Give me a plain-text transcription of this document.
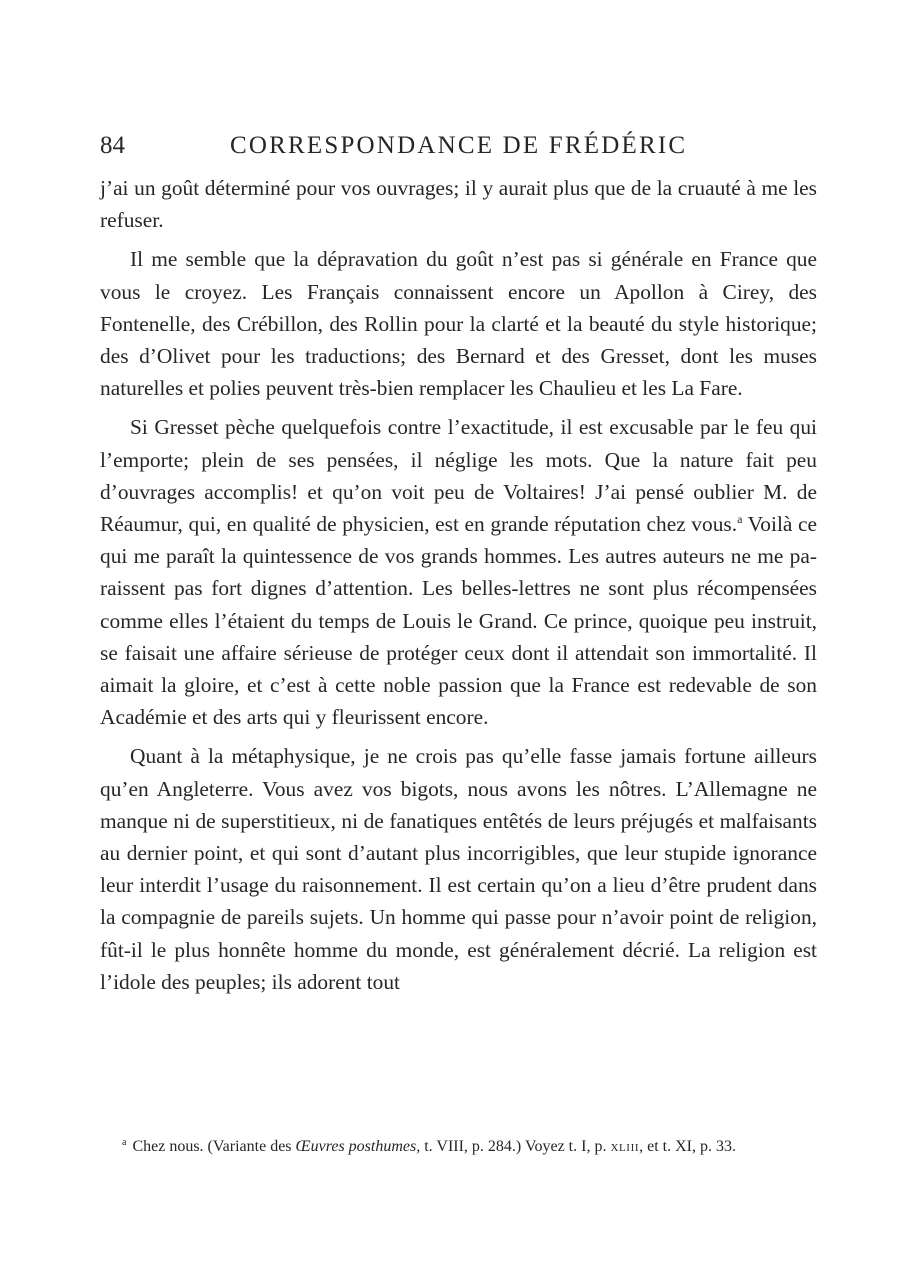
84	CORRESPONDANCE DE FRÉDÉRIC

j’ai un goût déterminé pour vos ouvrages; il y aurait plus que de la cruauté à me les refuser.

Il me semble que la dépravation du goût n’est pas si générale en France que vous le croyez. Les Français connaissent encore un Apollon à Cirey, des Fontenelle, des Crébillon, des Rollin pour la clarté et la beauté du style historique; des d’Olivet pour les traductions; des Bernard et des Gresset, dont les muses naturelles et polies peuvent très-bien remplacer les Chaulieu et les La Fare.

Si Gresset pèche quelquefois contre l’exactitude, il est excusable par le feu qui l’emporte; plein de ses pensées, il néglige les mots. Que la nature fait peu d’ouvrages accomplis! et qu’on voit peu de Voltaires! J’ai pensé oublier M. de Réaumur, qui, en qualité de physicien, est en grande réputation chez vous.$^a$ Voilà ce qui me paraît la quintessence de vos grands hommes. Les autres auteurs ne me paraissent pas fort dignes d’attention. Les belles-lettres ne sont plus récompensées comme elles l’étaient du temps de Louis le Grand. Ce prince, quoique peu instruit, se faisait une affaire sérieuse de protéger ceux dont il attendait son immortalité. Il aimait la gloire, et c’est à cette noble passion que la France est redevable de son Académie et des arts qui y fleurissent encore.

Quant à la métaphysique, je ne crois pas qu’elle fasse jamais fortune ailleurs qu’en Angleterre. Vous avez vos bigots, nous avons les nôtres. L’Allemagne ne manque ni de superstitieux, ni de fanatiques entêtés de leurs préjugés et malfaisants au dernier point, et qui sont d’autant plus incorrigibles, que leur stupide ignorance leur interdit l’usage du raisonnement. Il est certain qu’on a lieu d’être prudent dans la compagnie de pareils sujets. Un homme qui passe pour n’avoir point de religion, fût-il le plus honnête homme du monde, est généralement décrié. La religion est l’idole des peuples; ils adorent tout

$^a$ Chez nous. (Variante des Œuvres posthumes, t. VIII, p. 284.) Voyez t. I, p. xliii, et t. XI, p. 33.
